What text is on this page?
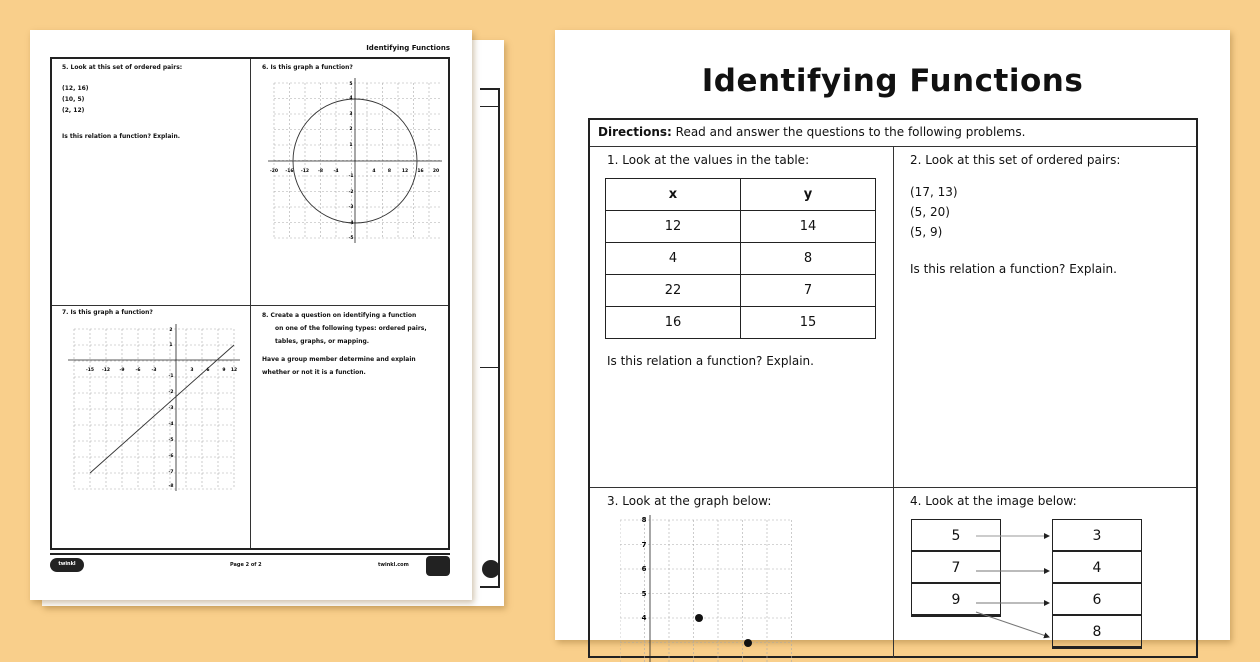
Identifying Functions
5. Look at this set of ordered pairs:
(12, 16)
(10, 5)
(2, 12)
Is this relation a function? Explain.
6. Is this graph a function?
-20 -16 -12 -8 -4	4	8 12 16 20
5
4
3
2
1
-1
-2
-3
-4
-5
7. Is this graph a function?
-15 -12 -9 -6 -3	3	6	9 12
2
1
-1
-2
-3
-4
-5
-6
-7
-8
8. Create a question on identifying a function
on one of the following types: ordered pairs,
tables, graphs, or mapping.
Have a group member determine and explain
whether or not it is a function.
twinkl	Page 2 of 2	twinkl.com
Identifying Functions
Directions: Read and answer the questions to the following problems.
1. Look at the values in the table:
x	y
12	14
4	8
22	7
16	15
Is this relation a function? Explain.
2. Look at this set of ordered pairs:
(17, 13)
(5, 20)
(5, 9)
Is this relation a function? Explain.
3. Look at the graph below:
8
7
6
5
4
4. Look at the image below:
5
7
9
3
4
6
8
